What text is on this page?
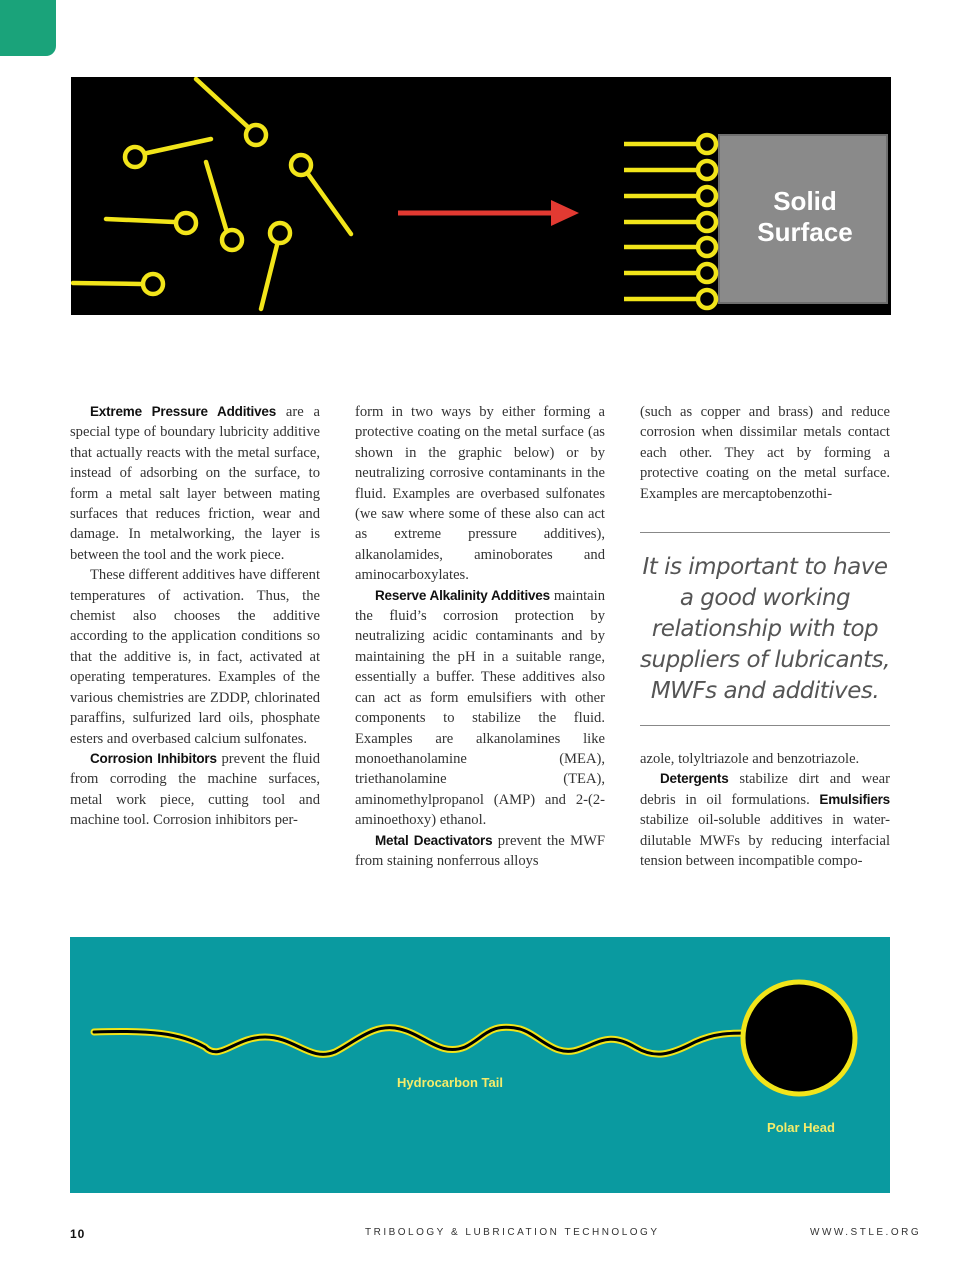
Solid
Surface

Extreme Pressure Additives are a special type of boundary lubricity additive that actually reacts with the metal surface, instead of adsorbing on the surface, to form a metal salt layer between mating surfaces that reduces friction, wear and damage. In metalworking, the layer is between the tool and the work piece.

These different additives have different temperatures of activation. Thus, the chemist also chooses the additive according to the application conditions so that the additive is, in fact, activated at operating temperatures. Examples of the various chemistries are ZDDP, chlorinated paraffins, sulfurized lard oils, phosphate esters and overbased calcium sulfonates.

Corrosion Inhibitors prevent the fluid from corroding the machine surfaces, metal work piece, cutting tool and machine tool. Corrosion inhibitors per-

form in two ways by either forming a protective coating on the metal surface (as shown in the graphic below) or by neutralizing corrosive contaminants in the fluid. Examples are overbased sulfonates (we saw where some of these also can act as extreme pressure additives), alkanolamides, aminoborates and aminocarboxylates.

Reserve Alkalinity Additives maintain the fluid’s corrosion protection by neutralizing acidic contaminants and by maintaining the pH in a suitable range, essentially a buffer. These additives also can act as form emulsifiers with other components to stabilize the fluid. Examples are alkanolamines like monoethanolamine (MEA), triethanolamine (TEA), aminomethylpropanol (AMP) and 2-(2-aminoethoxy) ethanol.

Metal Deactivators prevent the MWF from staining nonferrous alloys

(such as copper and brass) and reduce corrosion when dissimilar metals contact each other. They act by forming a protective coating on the metal surface. Examples are mercaptobenzothi-

It is important to have a good working relationship with top suppliers of lubricants, MWFs and additives.

azole, tolyltriazole and benzotriazole.

Detergents stabilize dirt and wear debris in oil formulations. Emulsifiers stabilize oil-soluble additives in water-dilutable MWFs by reducing interfacial tension between incompatible compo-

Hydrocarbon Tail
Polar Head
10	TRIBOLOGY & LUBRICATION TECHNOLOGY	WWW.STLE.ORG
